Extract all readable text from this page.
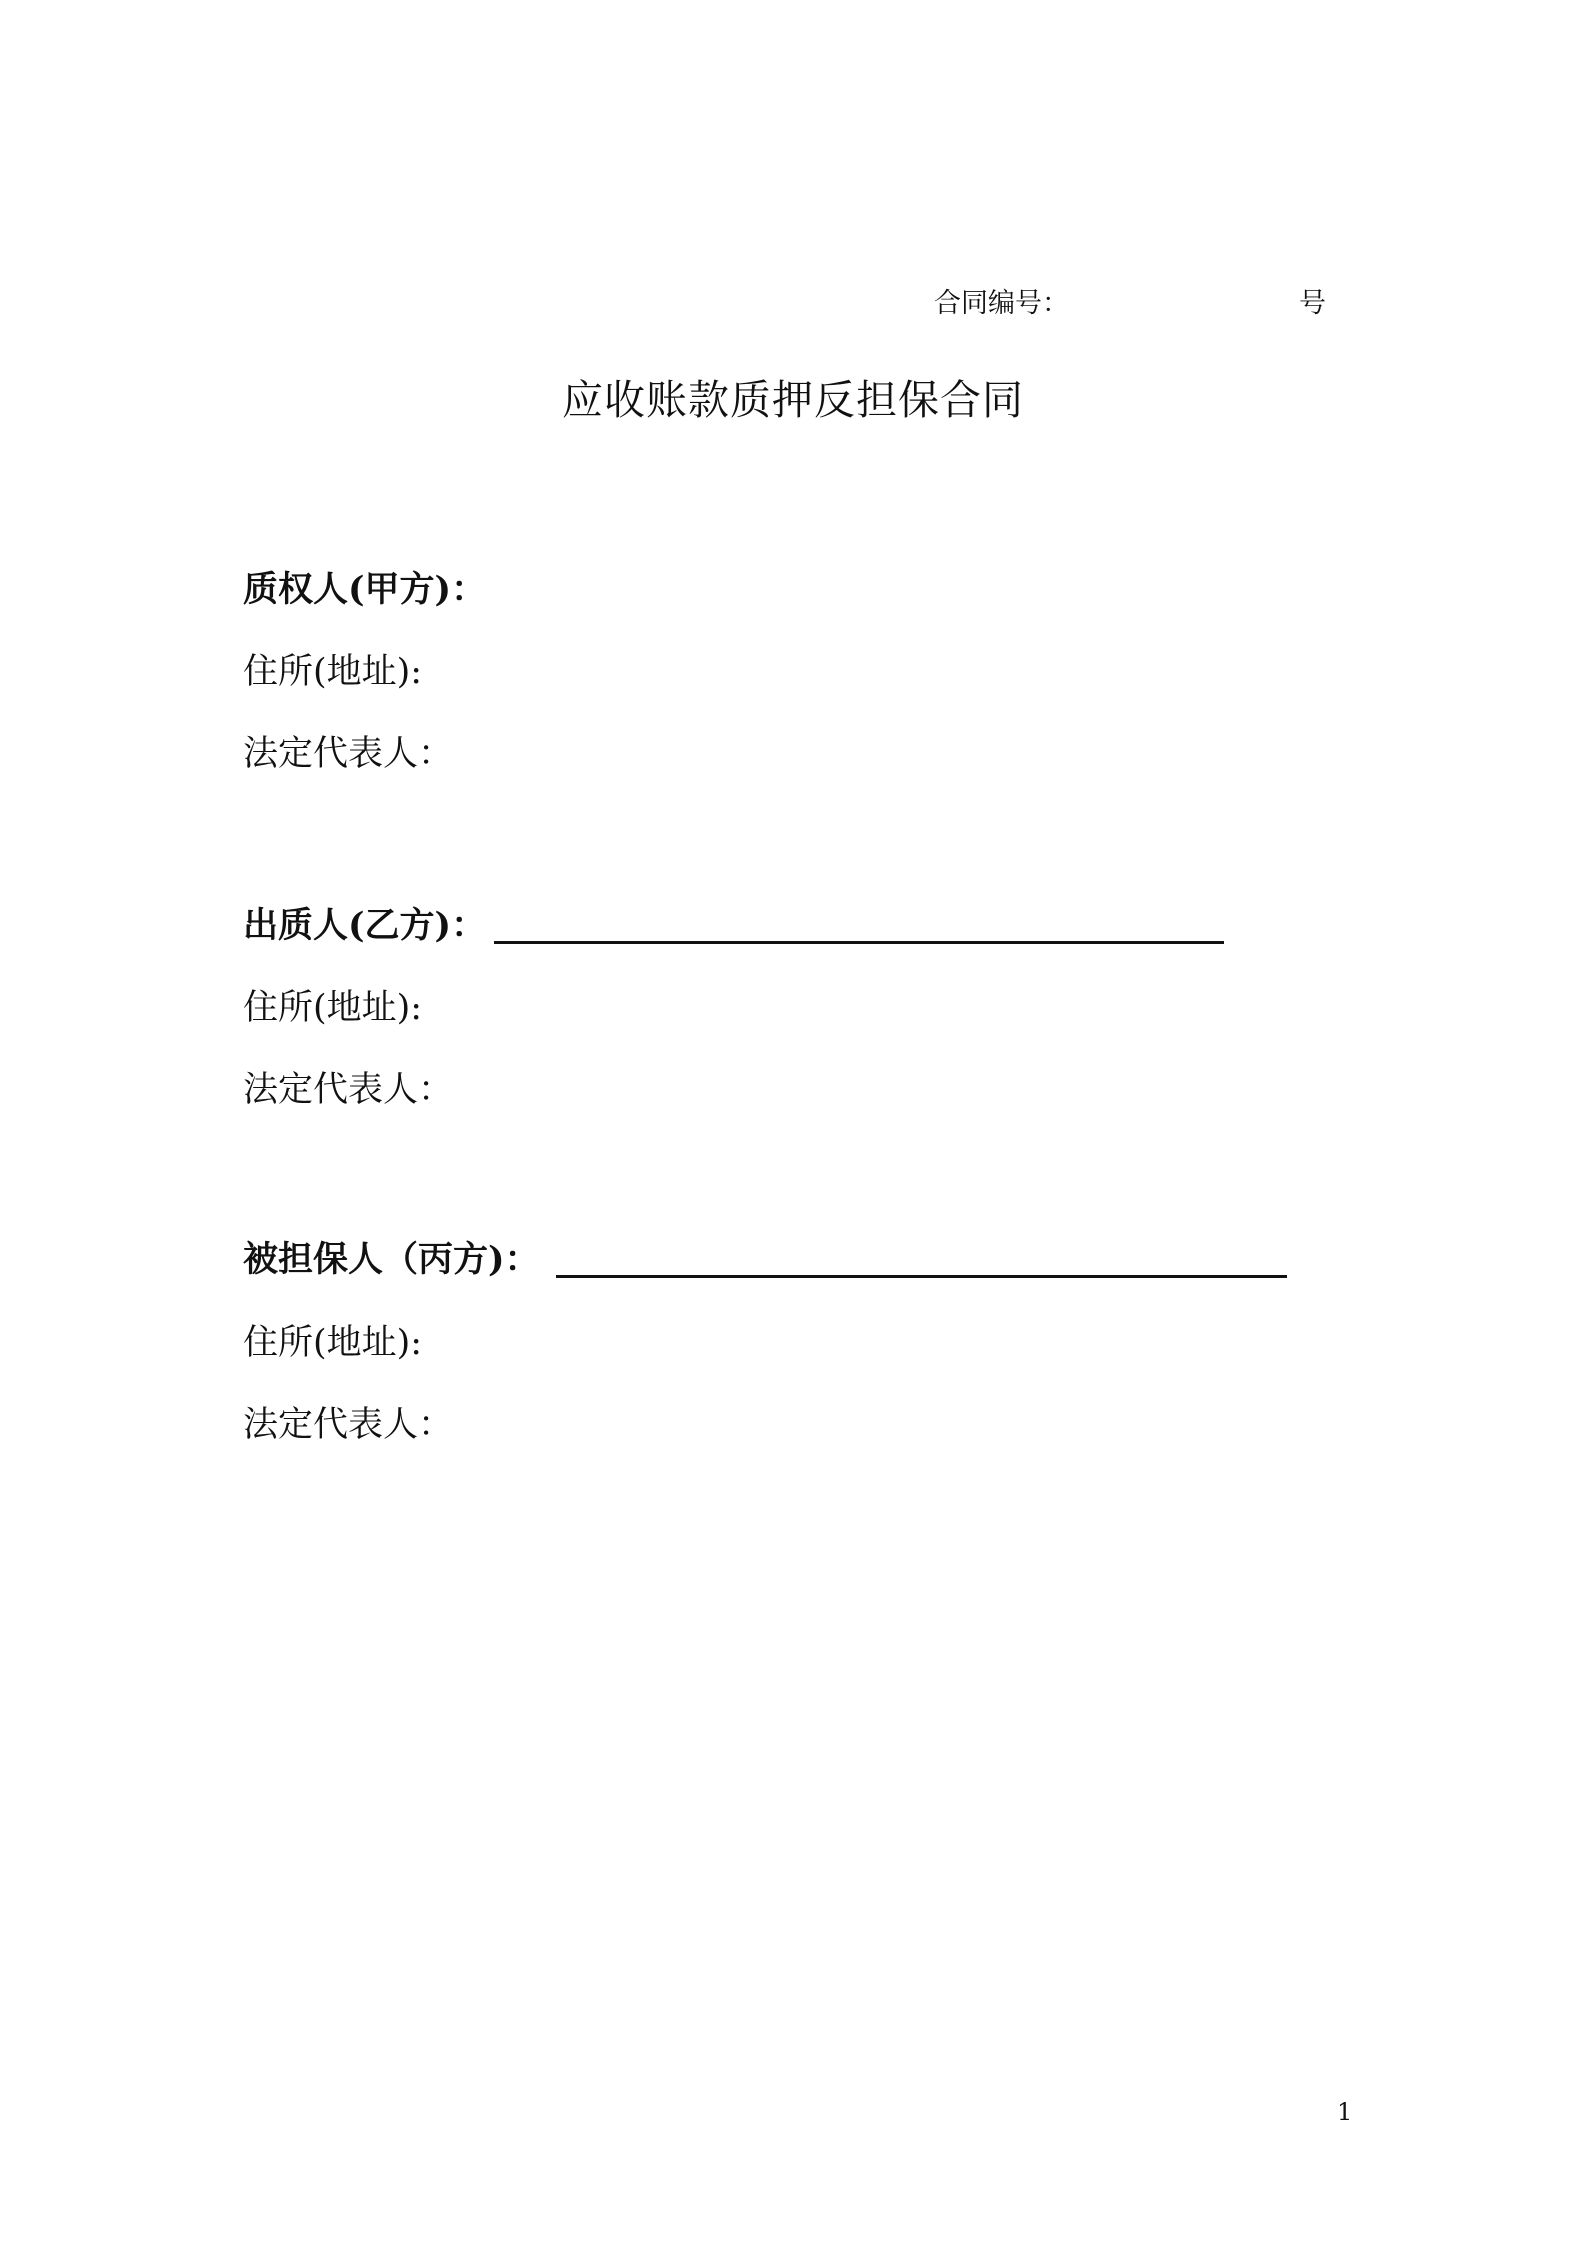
合同编号：	号
应收账款质押反担保合同
质权人(甲方)：
住所(地址):
法定代表人：
出质人(乙方)：
住所(地址):
法定代表人：
被担保人（丙方)：
住所(地址):
法定代表人：
1
